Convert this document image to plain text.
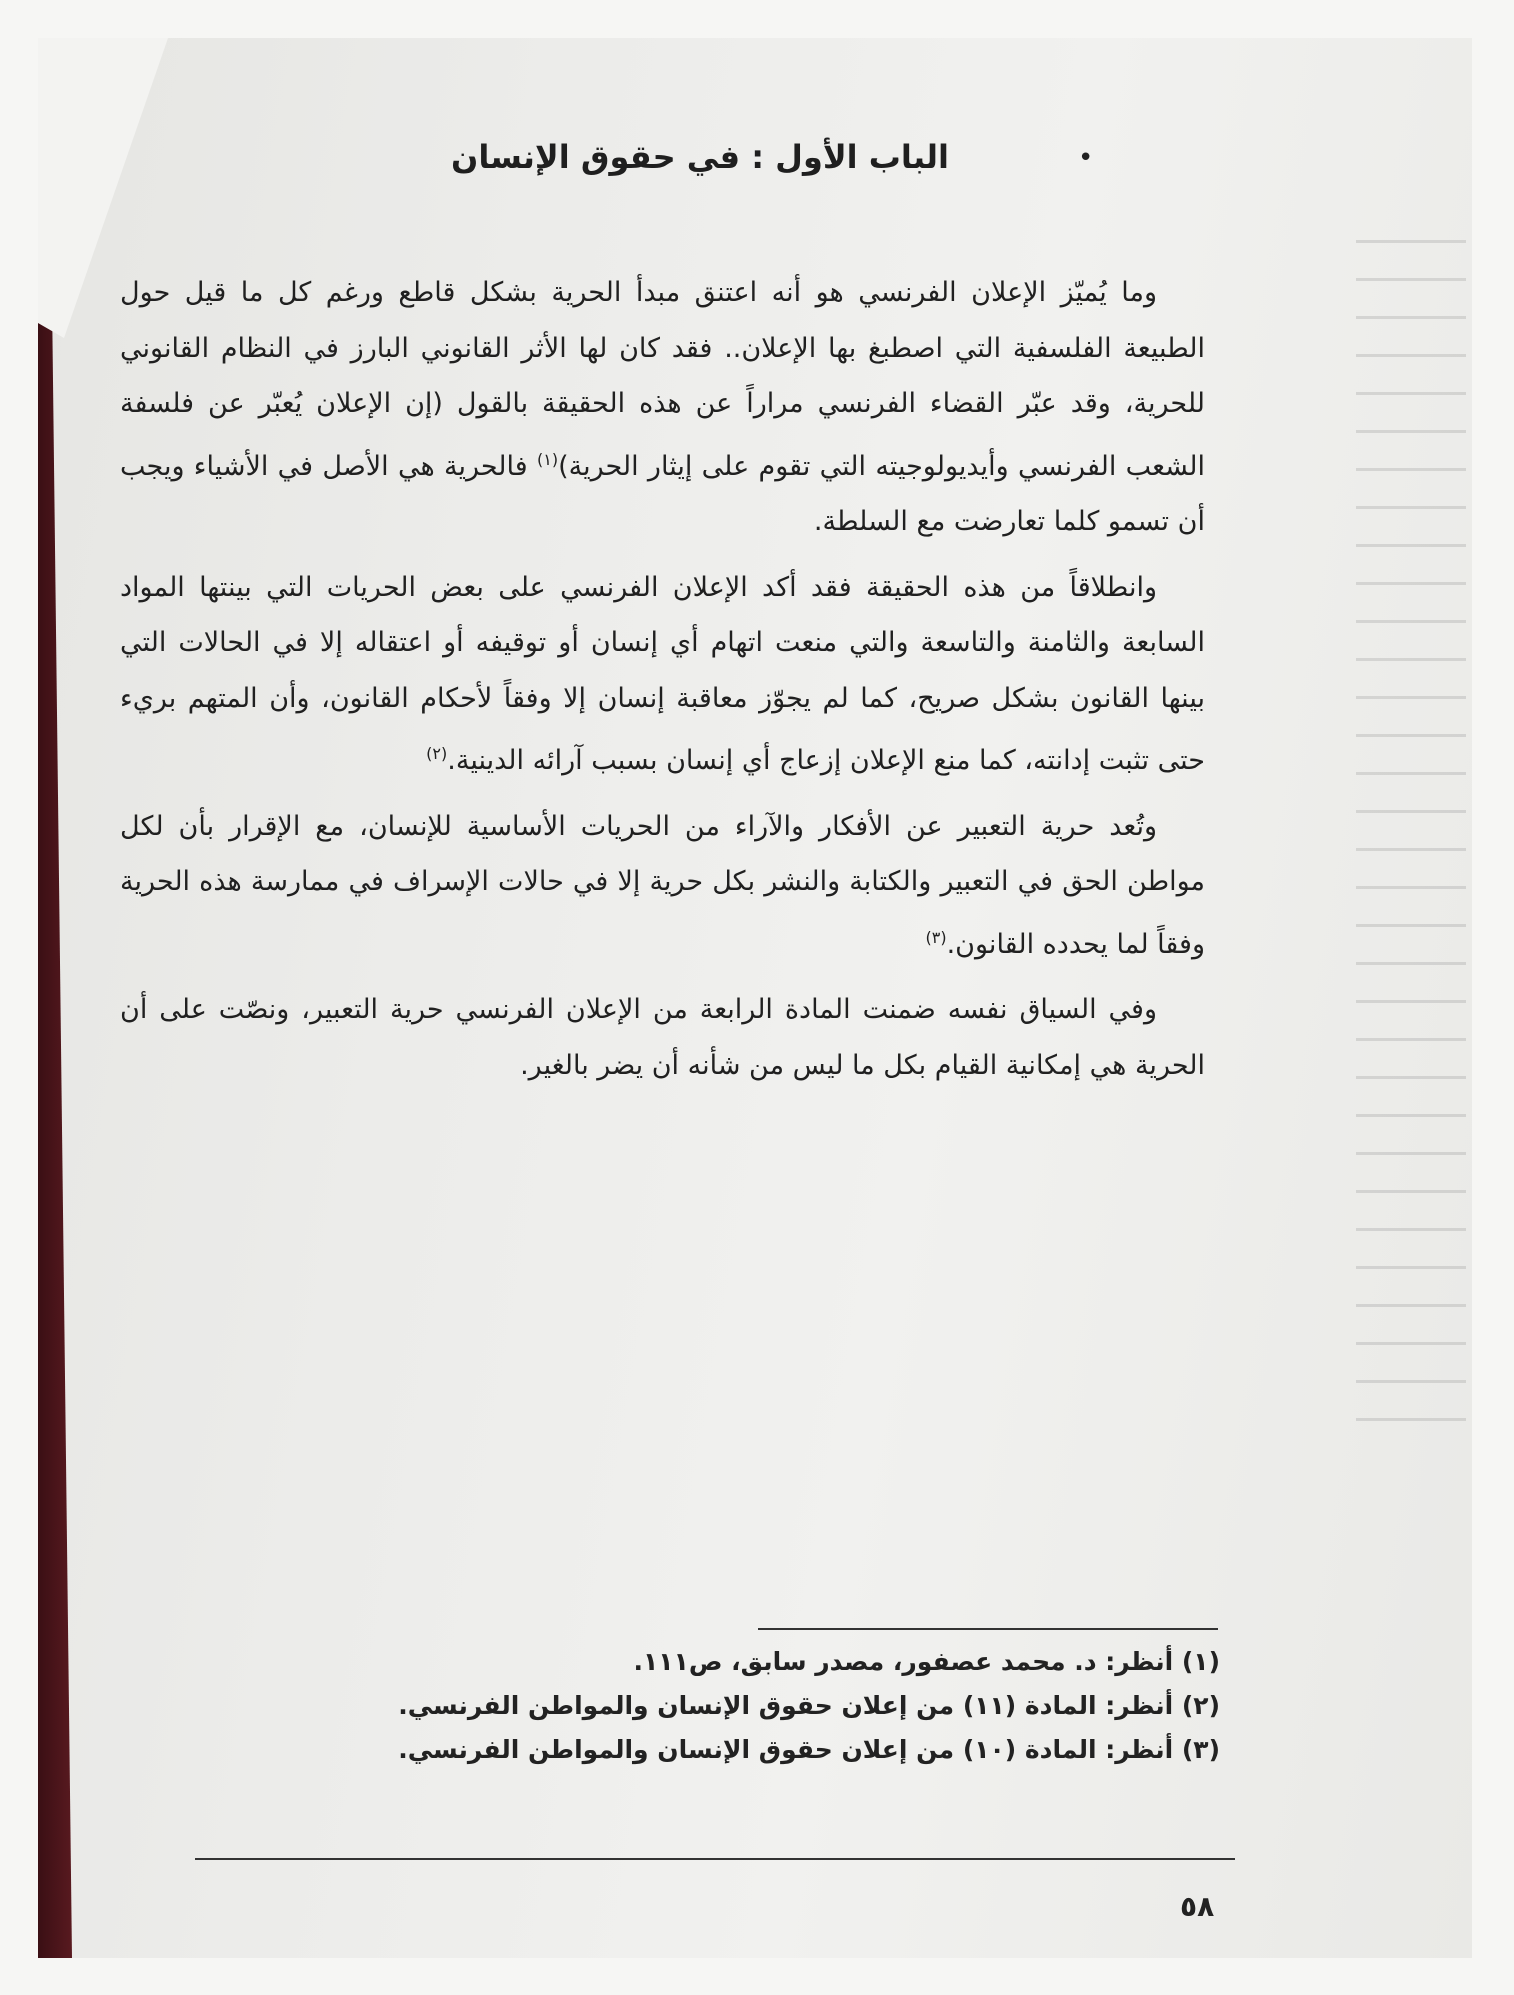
•
الباب الأول : في حقوق الإنسان

وما يُميّز الإعلان الفرنسي هو أنه اعتنق مبدأ الحرية بشكل قاطع ورغم كل ما قيل حول الطبيعة الفلسفية التي اصطبغ بها الإعلان.. فقد كان لها الأثر القانوني البارز في النظام القانوني للحرية، وقد عبّر القضاء الفرنسي مراراً عن هذه الحقيقة بالقول (إن الإعلان يُعبّر عن فلسفة الشعب الفرنسي وأيديولوجيته التي تقوم على إيثار الحرية)$^{(١)}$ فالحرية هي الأصل في الأشياء ويجب أن تسمو كلما تعارضت مع السلطة.

وانطلاقاً من هذه الحقيقة فقد أكد الإعلان الفرنسي على بعض الحريات التي بينتها المواد السابعة والثامنة والتاسعة والتي منعت اتهام أي إنسان أو توقيفه أو اعتقاله إلا في الحالات التي بينها القانون بشكل صريح، كما لم يجوّز معاقبة إنسان إلا وفقاً لأحكام القانون، وأن المتهم بريء حتى تثبت إدانته، كما منع الإعلان إزعاج أي إنسان بسبب آرائه الدينية.$^{(٢)}$

وتُعد حرية التعبير عن الأفكار والآراء من الحريات الأساسية للإنسان، مع الإقرار بأن لكل مواطن الحق في التعبير والكتابة والنشر بكل حرية إلا في حالات الإسراف في ممارسة هذه الحرية وفقاً لما يحدده القانون.$^{(٣)}$

وفي السياق نفسه ضمنت المادة الرابعة من الإعلان الفرنسي حرية التعبير، ونصّت على أن الحرية هي إمكانية القيام بكل ما ليس من شأنه أن يضر بالغير.

(١) أنظر: د. محمد عصفور، مصدر سابق، ص١١١.
(٢) أنظر: المادة (١١) من إعلان حقوق الإنسان والمواطن الفرنسي.
(٣) أنظر: المادة (١٠) من إعلان حقوق الإنسان والمواطن الفرنسي.
٥٨
